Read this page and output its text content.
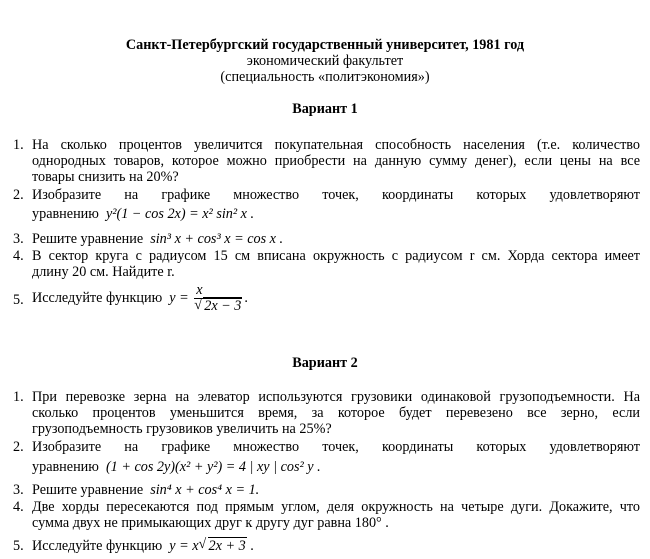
Санкт-Петербургский государственный университет, 1981 год
экономический факультет
(специальность «политэкономия»)
Вариант 1
1. На сколько процентов увеличится покупательная способность населения (т.е. количество
однородных товаров, которое можно приобрести на данную сумму денег), если цены на все
товары снизить на 20%?
2. Изобразите на графике множество точек, координаты которых удовлетворяют
уравнению y²(1 − cos 2x) = x² sin² x .
3. Решите уравнение sin³ x + cos³ x = cos x .
4. В сектор круга с радиусом 15 см вписана окружность с радиусом r см. Хорда сектора имеет
длину 20 см. Найдите r.
5. Исследуйте функцию $y = \frac{x}{√ 2x - 3}$ .
Вариант 2
1. При перевозке зерна на элеватор используются грузовики одинаковой грузоподъемности. На
сколько процентов уменьшится время, за которое будет перевезено все зерно, если
грузоподъемность грузовиков увеличить на 25%?
2. Изобразите на графике множество точек, координаты которых удовлетворяют
уравнению (1 + cos 2y)(x² + y²) = 4 | xy | cos² y .
3. Решите уравнение sin⁴ x + cos⁴ x = 1.
4. Две хорды пересекаются под прямым углом, деля окружность на четыре дуги. Докажите, что
сумма двух не примыкающих друг к другу дуг равна 180° .
5. Исследуйте функцию y = x √ 2x + 3 .
